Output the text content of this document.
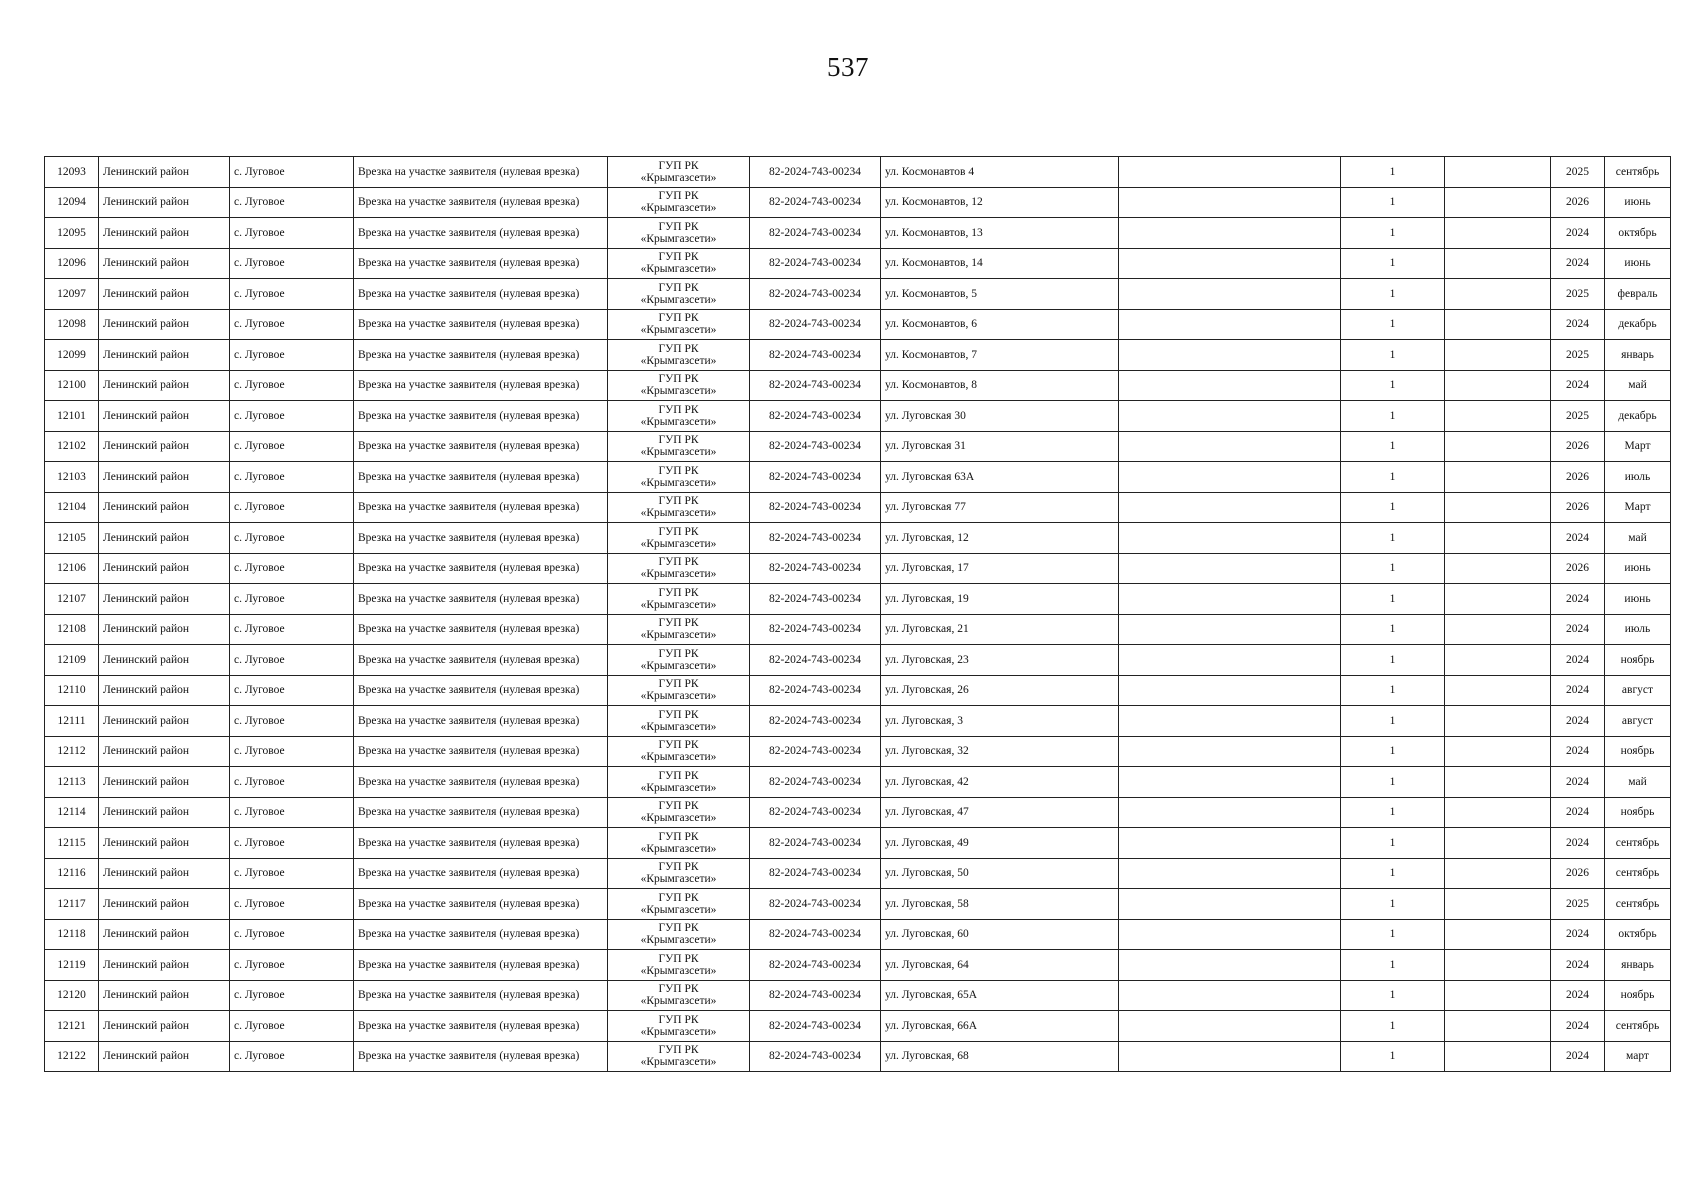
537
12093	Ленинский район	с. Луговое	Врезка на участке заявителя (нулевая врезка)	ГУП РК
«Крымгазсети»	82-2024-743-00234	ул. Космонавтов 4		1		2025	сентябрь
12094	Ленинский район	с. Луговое	Врезка на участке заявителя (нулевая врезка)	ГУП РК
«Крымгазсети»	82-2024-743-00234	ул. Космонавтов, 12		1		2026	июнь
12095	Ленинский район	с. Луговое	Врезка на участке заявителя (нулевая врезка)	ГУП РК
«Крымгазсети»	82-2024-743-00234	ул. Космонавтов, 13		1		2024	октябрь
12096	Ленинский район	с. Луговое	Врезка на участке заявителя (нулевая врезка)	ГУП РК
«Крымгазсети»	82-2024-743-00234	ул. Космонавтов, 14		1		2024	июнь
12097	Ленинский район	с. Луговое	Врезка на участке заявителя (нулевая врезка)	ГУП РК
«Крымгазсети»	82-2024-743-00234	ул. Космонавтов, 5		1		2025	февраль
12098	Ленинский район	с. Луговое	Врезка на участке заявителя (нулевая врезка)	ГУП РК
«Крымгазсети»	82-2024-743-00234	ул. Космонавтов, 6		1		2024	декабрь
12099	Ленинский район	с. Луговое	Врезка на участке заявителя (нулевая врезка)	ГУП РК
«Крымгазсети»	82-2024-743-00234	ул. Космонавтов, 7		1		2025	январь
12100	Ленинский район	с. Луговое	Врезка на участке заявителя (нулевая врезка)	ГУП РК
«Крымгазсети»	82-2024-743-00234	ул. Космонавтов, 8		1		2024	май
12101	Ленинский район	с. Луговое	Врезка на участке заявителя (нулевая врезка)	ГУП РК
«Крымгазсети»	82-2024-743-00234	ул. Луговская 30		1		2025	декабрь
12102	Ленинский район	с. Луговое	Врезка на участке заявителя (нулевая врезка)	ГУП РК
«Крымгазсети»	82-2024-743-00234	ул. Луговская 31		1		2026	Март
12103	Ленинский район	с. Луговое	Врезка на участке заявителя (нулевая врезка)	ГУП РК
«Крымгазсети»	82-2024-743-00234	ул. Луговская 63А		1		2026	июль
12104	Ленинский район	с. Луговое	Врезка на участке заявителя (нулевая врезка)	ГУП РК
«Крымгазсети»	82-2024-743-00234	ул. Луговская 77		1		2026	Март
12105	Ленинский район	с. Луговое	Врезка на участке заявителя (нулевая врезка)	ГУП РК
«Крымгазсети»	82-2024-743-00234	ул. Луговская, 12		1		2024	май
12106	Ленинский район	с. Луговое	Врезка на участке заявителя (нулевая врезка)	ГУП РК
«Крымгазсети»	82-2024-743-00234	ул. Луговская, 17		1		2026	июнь
12107	Ленинский район	с. Луговое	Врезка на участке заявителя (нулевая врезка)	ГУП РК
«Крымгазсети»	82-2024-743-00234	ул. Луговская, 19		1		2024	июнь
12108	Ленинский район	с. Луговое	Врезка на участке заявителя (нулевая врезка)	ГУП РК
«Крымгазсети»	82-2024-743-00234	ул. Луговская, 21		1		2024	июль
12109	Ленинский район	с. Луговое	Врезка на участке заявителя (нулевая врезка)	ГУП РК
«Крымгазсети»	82-2024-743-00234	ул. Луговская, 23		1		2024	ноябрь
12110	Ленинский район	с. Луговое	Врезка на участке заявителя (нулевая врезка)	ГУП РК
«Крымгазсети»	82-2024-743-00234	ул. Луговская, 26		1		2024	август
12111	Ленинский район	с. Луговое	Врезка на участке заявителя (нулевая врезка)	ГУП РК
«Крымгазсети»	82-2024-743-00234	ул. Луговская, 3		1		2024	август
12112	Ленинский район	с. Луговое	Врезка на участке заявителя (нулевая врезка)	ГУП РК
«Крымгазсети»	82-2024-743-00234	ул. Луговская, 32		1		2024	ноябрь
12113	Ленинский район	с. Луговое	Врезка на участке заявителя (нулевая врезка)	ГУП РК
«Крымгазсети»	82-2024-743-00234	ул. Луговская, 42		1		2024	май
12114	Ленинский район	с. Луговое	Врезка на участке заявителя (нулевая врезка)	ГУП РК
«Крымгазсети»	82-2024-743-00234	ул. Луговская, 47		1		2024	ноябрь
12115	Ленинский район	с. Луговое	Врезка на участке заявителя (нулевая врезка)	ГУП РК
«Крымгазсети»	82-2024-743-00234	ул. Луговская, 49		1		2024	сентябрь
12116	Ленинский район	с. Луговое	Врезка на участке заявителя (нулевая врезка)	ГУП РК
«Крымгазсети»	82-2024-743-00234	ул. Луговская, 50		1		2026	сентябрь
12117	Ленинский район	с. Луговое	Врезка на участке заявителя (нулевая врезка)	ГУП РК
«Крымгазсети»	82-2024-743-00234	ул. Луговская, 58		1		2025	сентябрь
12118	Ленинский район	с. Луговое	Врезка на участке заявителя (нулевая врезка)	ГУП РК
«Крымгазсети»	82-2024-743-00234	ул. Луговская, 60		1		2024	октябрь
12119	Ленинский район	с. Луговое	Врезка на участке заявителя (нулевая врезка)	ГУП РК
«Крымгазсети»	82-2024-743-00234	ул. Луговская, 64		1		2024	январь
12120	Ленинский район	с. Луговое	Врезка на участке заявителя (нулевая врезка)	ГУП РК
«Крымгазсети»	82-2024-743-00234	ул. Луговская, 65А		1		2024	ноябрь
12121	Ленинский район	с. Луговое	Врезка на участке заявителя (нулевая врезка)	ГУП РК
«Крымгазсети»	82-2024-743-00234	ул. Луговская, 66А		1		2024	сентябрь
12122	Ленинский район	с. Луговое	Врезка на участке заявителя (нулевая врезка)	ГУП РК
«Крымгазсети»	82-2024-743-00234	ул. Луговская, 68		1		2024	март
